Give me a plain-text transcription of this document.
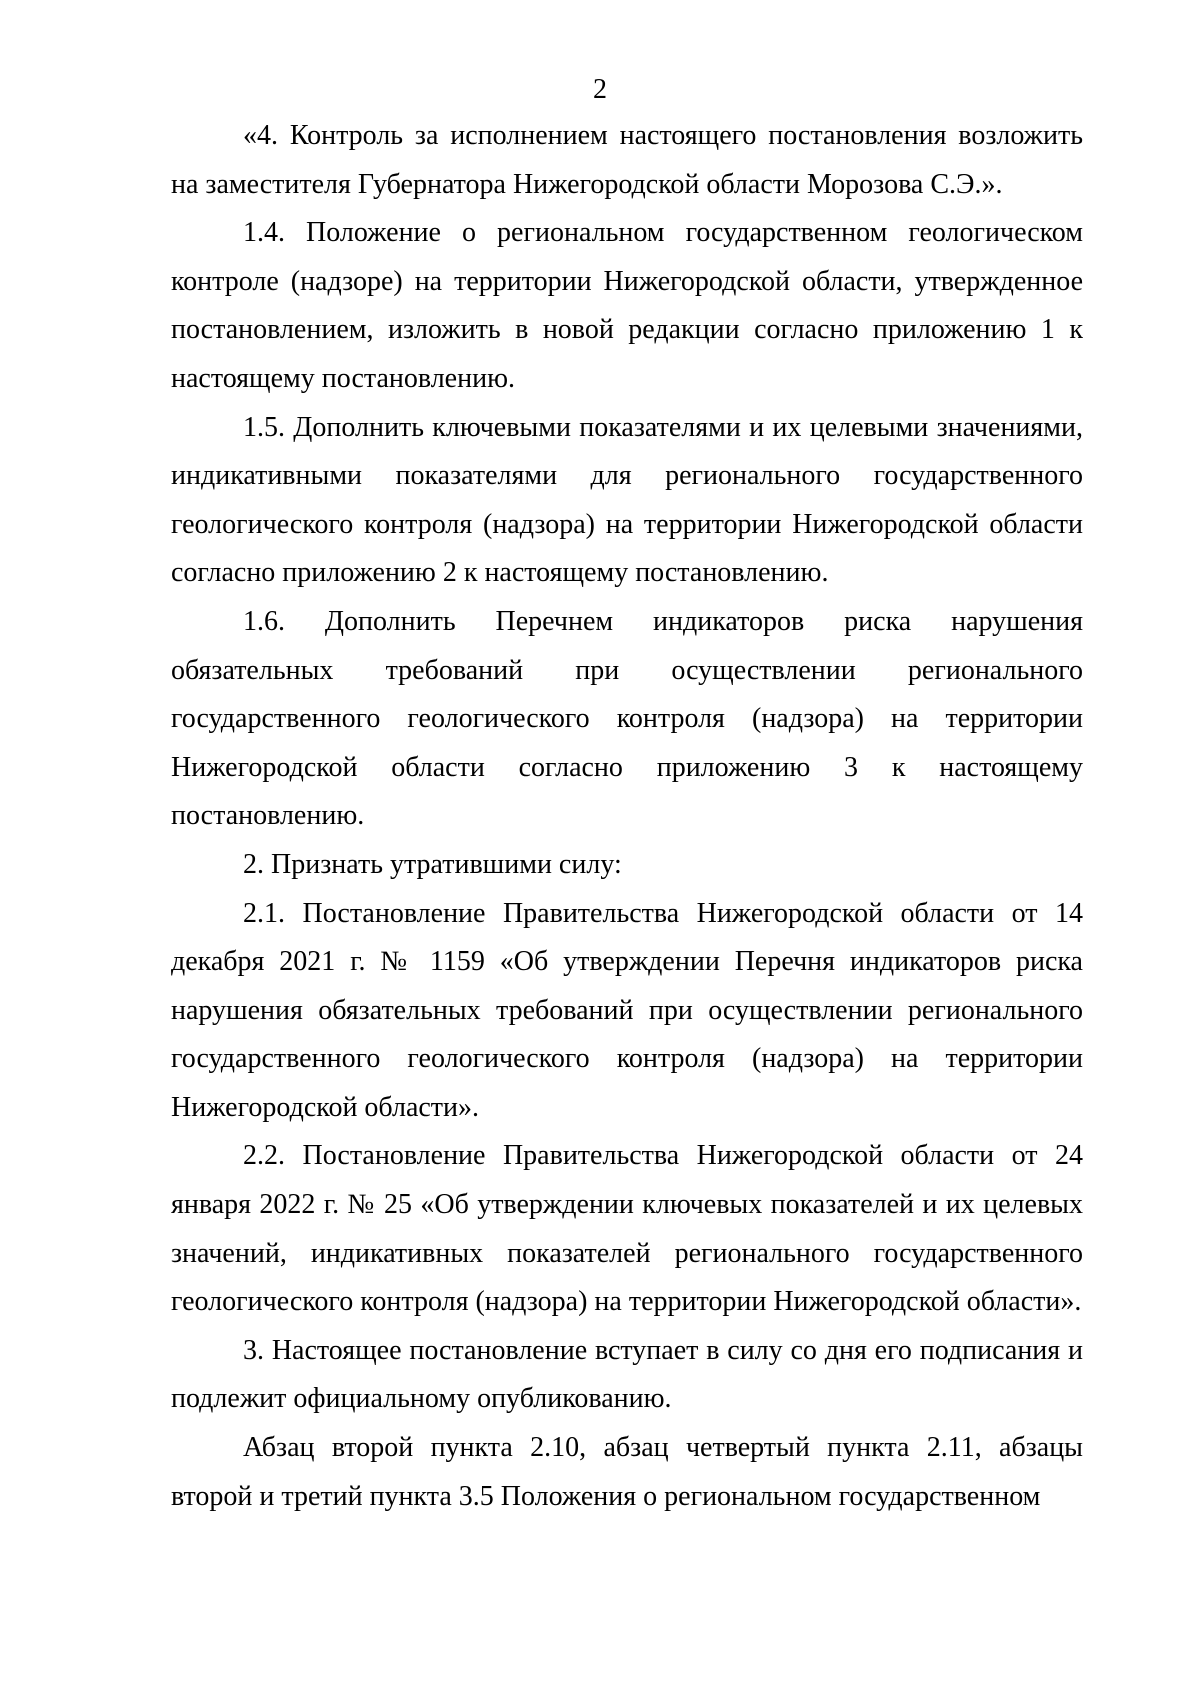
2

«4. Контроль за исполнением настоящего постановления возложить на заместителя Губернатора Нижегородской области Морозова С.Э.».

1.4. Положение о региональном государственном геологическом контроле (надзоре) на территории Нижегородской области, утвержденное постановлением, изложить в новой редакции согласно приложению 1 к настоящему постановлению.

1.5. Дополнить ключевыми показателями и их целевыми значениями, индикативными показателями для регионального государственного геологического контроля (надзора) на территории Нижегородской области согласно приложению 2 к настоящему постановлению.

1.6. Дополнить Перечнем индикаторов риска нарушения обязательных требований при осуществлении регионального государственного геологического контроля (надзора) на территории Нижегородской области согласно приложению 3 к настоящему постановлению.

2. Признать утратившими силу:

2.1. Постановление Правительства Нижегородской области от 14 декабря 2021 г. № 1159 «Об утверждении Перечня индикаторов риска нарушения обязательных требований при осуществлении регионального государственного геологического контроля (надзора) на территории Нижегородской области».

2.2. Постановление Правительства Нижегородской области от 24 января 2022 г. № 25 «Об утверждении ключевых показателей и их целевых значений, индикативных показателей регионального государственного геологического контроля (надзора) на территории Нижегородской области».

3. Настоящее постановление вступает в силу со дня его подписания и подлежит официальному опубликованию.

Абзац второй пункта 2.10, абзац четвертый пункта 2.11, абзацы второй и третий пункта 3.5 Положения о региональном государственном
